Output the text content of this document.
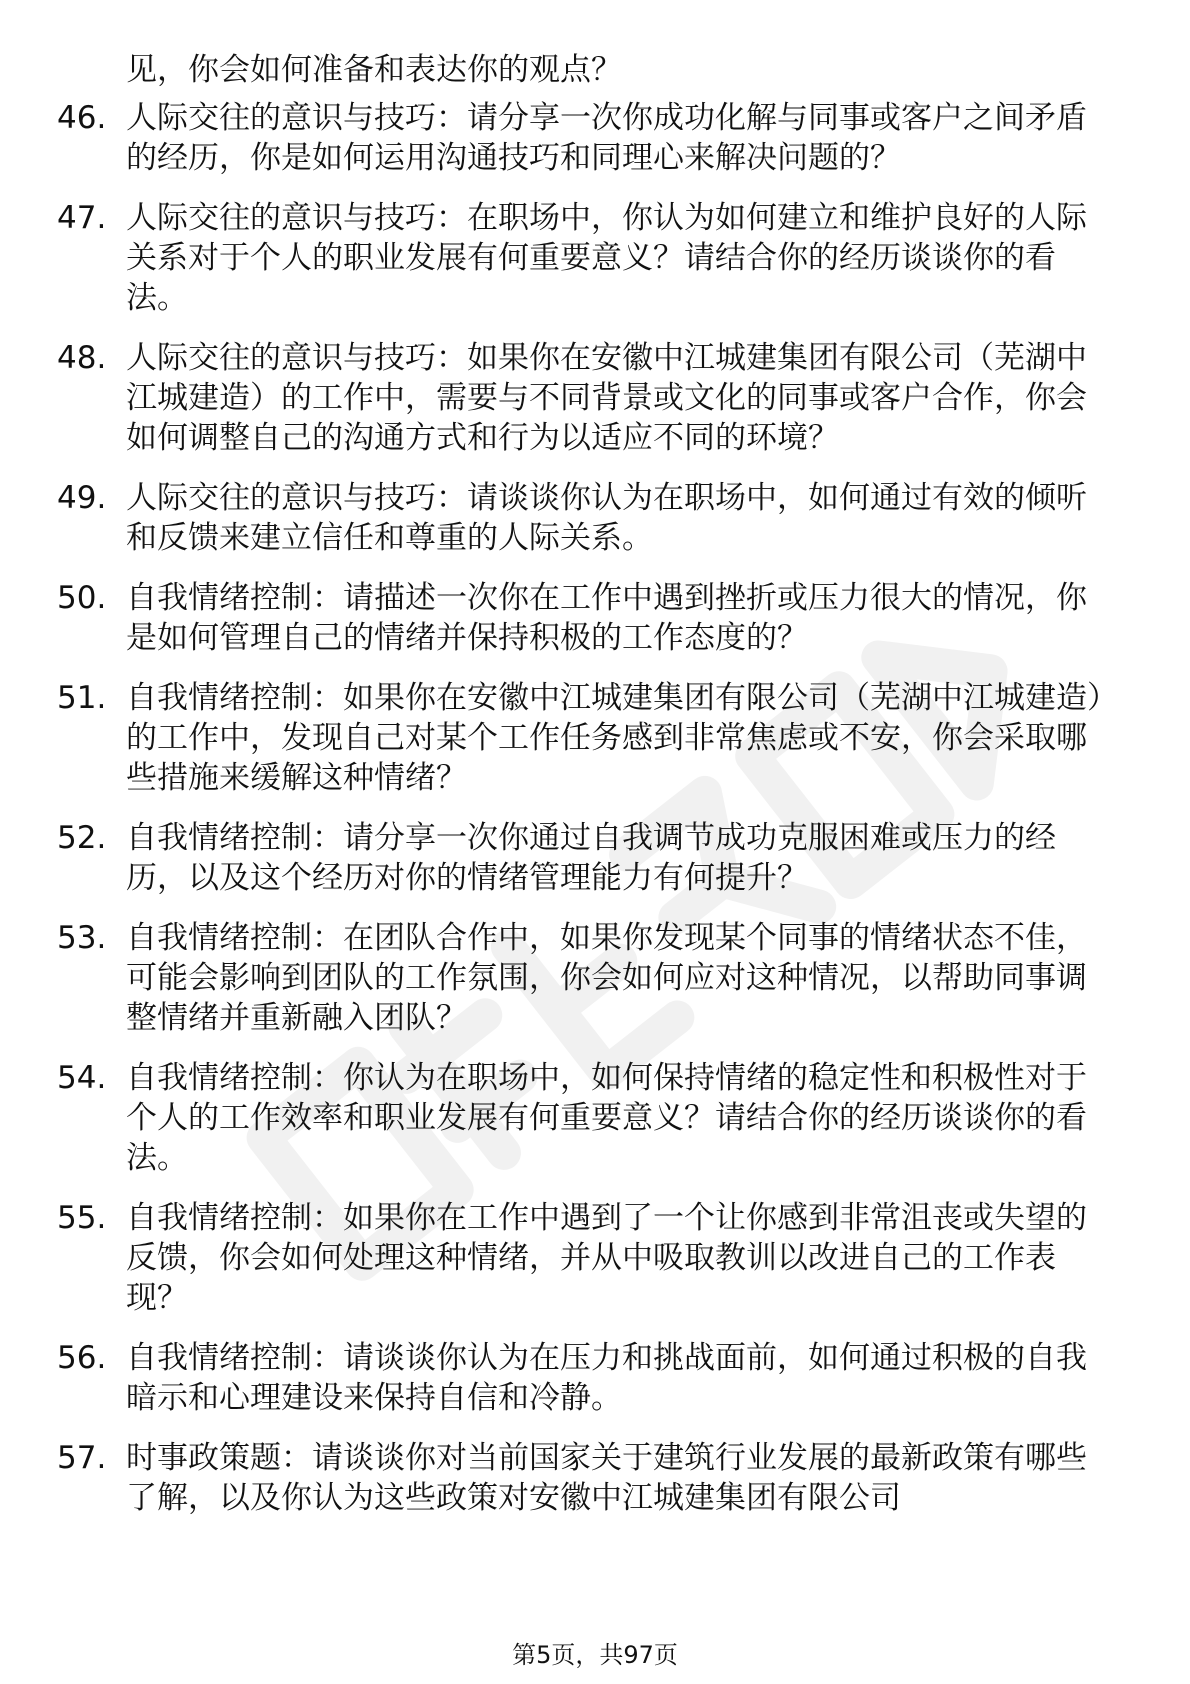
见，你会如何准备和表达你的观点？
46. 人际交往的意识与技巧：请分享一次你成功化解与同事或客户之间矛盾的经历，你是如何运用沟通技巧和同理心来解决问题的？
47. 人际交往的意识与技巧：在职场中，你认为如何建立和维护良好的人际关系对于个人的职业发展有何重要意义？请结合你的经历谈谈你的看法。
48. 人际交往的意识与技巧：如果你在安徽中江城建集团有限公司（芜湖中江城建造）的工作中，需要与不同背景或文化的同事或客户合作，你会如何调整自己的沟通方式和行为以适应不同的环境？
49. 人际交往的意识与技巧：请谈谈你认为在职场中，如何通过有效的倾听和反馈来建立信任和尊重的人际关系。
50. 自我情绪控制：请描述一次你在工作中遇到挫折或压力很大的情况，你是如何管理自己的情绪并保持积极的工作态度的？
51. 自我情绪控制：如果你在安徽中江城建集团有限公司（芜湖中江城建造）的工作中，发现自己对某个工作任务感到非常焦虑或不安，你会采取哪些措施来缓解这种情绪？
52. 自我情绪控制：请分享一次你通过自我调节成功克服困难或压力的经历，以及这个经历对你的情绪管理能力有何提升？
53. 自我情绪控制：在团队合作中，如果你发现某个同事的情绪状态不佳，可能会影响到团队的工作氛围，你会如何应对这种情况，以帮助同事调整情绪并重新融入团队？
54. 自我情绪控制：你认为在职场中，如何保持情绪的稳定性和积极性对于个人的工作效率和职业发展有何重要意义？请结合你的经历谈谈你的看法。
55. 自我情绪控制：如果你在工作中遇到了一个让你感到非常沮丧或失望的反馈，你会如何处理这种情绪，并从中吸取教训以改进自己的工作表现？
56. 自我情绪控制：请谈谈你认为在压力和挑战面前，如何通过积极的自我暗示和心理建设来保持自信和冷静。
57. 时事政策题：请谈谈你对当前国家关于建筑行业发展的最新政策有哪些了解，以及你认为这些政策对安徽中江城建集团有限公司
第5页，共97页
